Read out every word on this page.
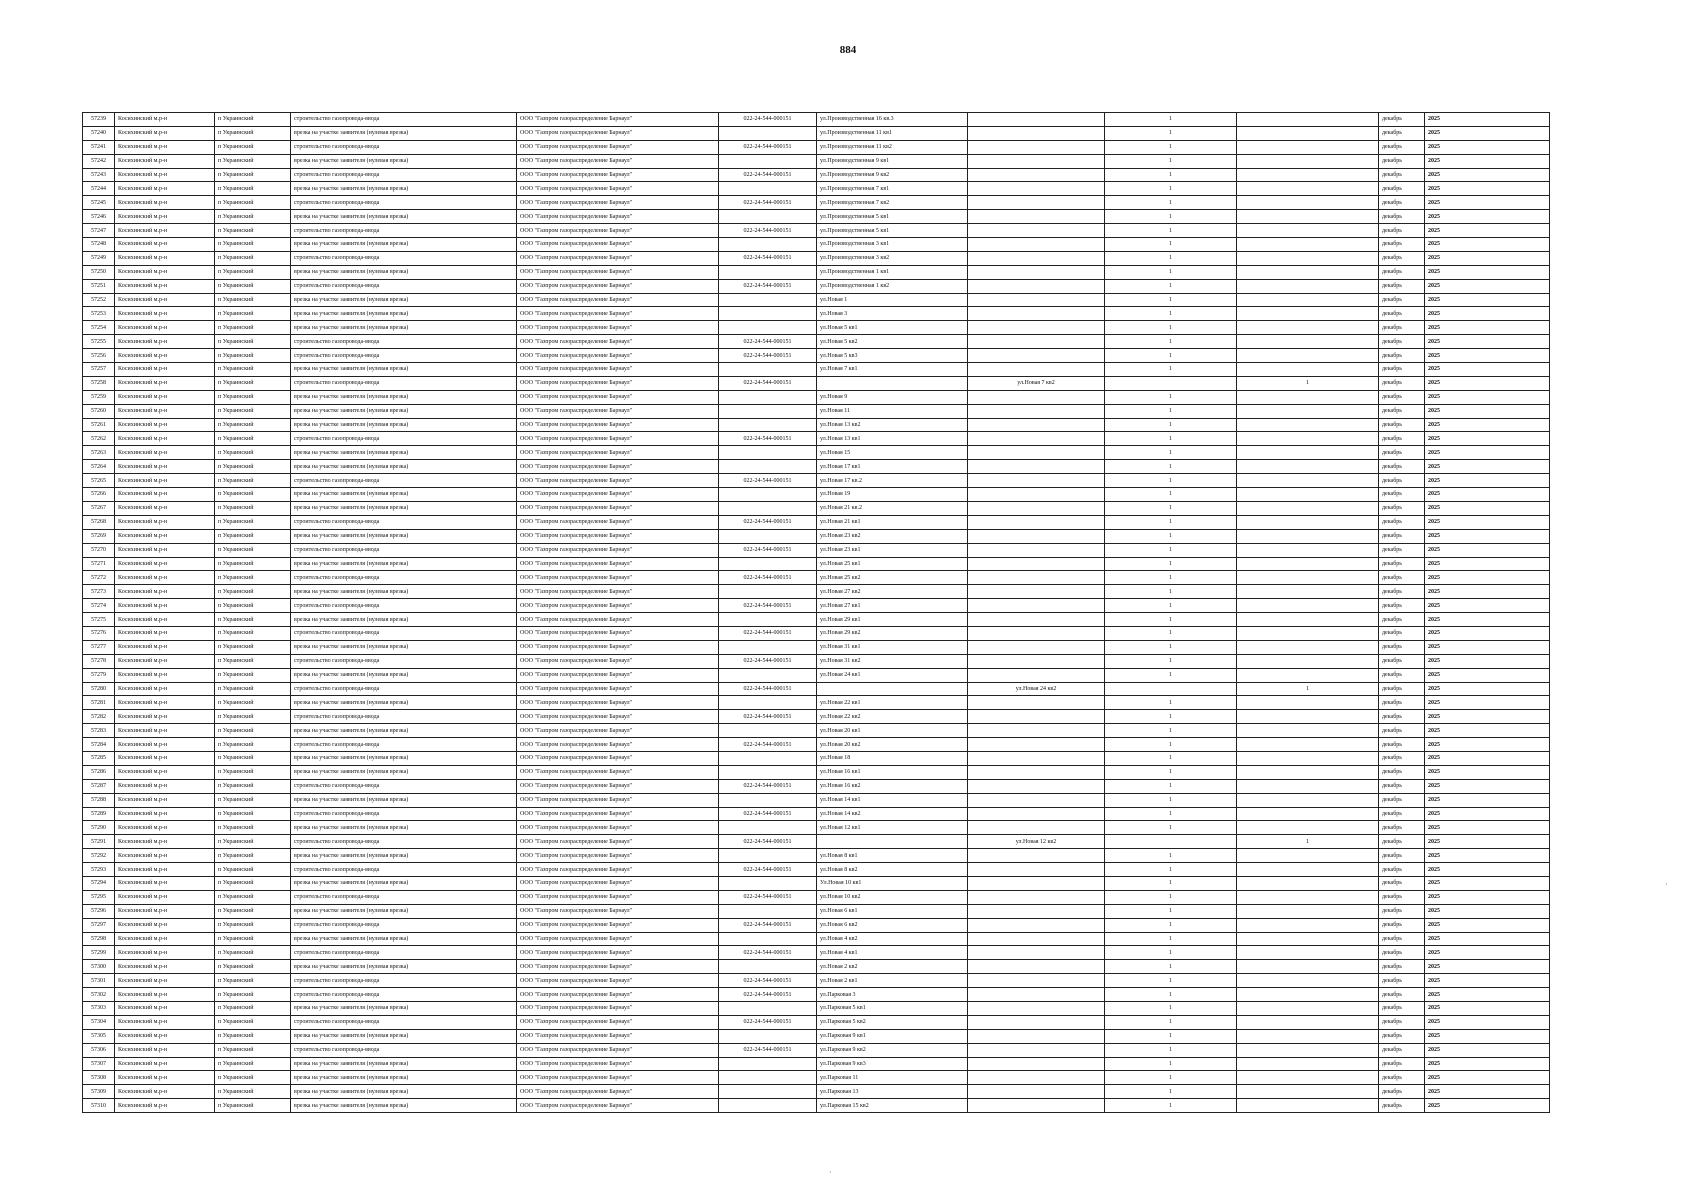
884
57239	Косихинский м.р-н	п Украинский	строительство газопровода-ввода	ООО "Газпром газораспределение Барнаул"	022-24-544-000151	ул.Производственная 16 кв.3		1		декабрь	2025
57240	Косихинский м.р-н	п Украинский	врезка на участке заявителя (нулевая врезка)	ООО "Газпром газораспределение Барнаул"		ул.Производственная 11 кв1		1		декабрь	2025
57241	Косихинский м.р-н	п Украинский	строительство газопровода-ввода	ООО "Газпром газораспределение Барнаул"	022-24-544-000151	ул.Производственная 11 кв2		1		декабрь	2025
57242	Косихинский м.р-н	п Украинский	врезка на участке заявителя (нулевая врезка)	ООО "Газпром газораспределение Барнаул"		ул.Производственная 9 кв1		1		декабрь	2025
57243	Косихинский м.р-н	п Украинский	строительство газопровода-ввода	ООО "Газпром газораспределение Барнаул"	022-24-544-000151	ул.Производственная 9 кв2		1		декабрь	2025
57244	Косихинский м.р-н	п Украинский	врезка на участке заявителя (нулевая врезка)	ООО "Газпром газораспределение Барнаул"		ул.Производственная 7 кв1		1		декабрь	2025
57245	Косихинский м.р-н	п Украинский	строительство газопровода-ввода	ООО "Газпром газораспределение Барнаул"	022-24-544-000151	ул.Производственная 7 кв2		1		декабрь	2025
57246	Косихинский м.р-н	п Украинский	врезка на участке заявителя (нулевая врезка)	ООО "Газпром газораспределение Барнаул"		ул.Производственная 5 кв1		1		декабрь	2025
57247	Косихинский м.р-н	п Украинский	строительство газопровода-ввода	ООО "Газпром газораспределение Барнаул"	022-24-544-000151	ул.Производственная 5 кв1		1		декабрь	2025
57248	Косихинский м.р-н	п Украинский	врезка на участке заявителя (нулевая врезка)	ООО "Газпром газораспределение Барнаул"		ул.Производственная 3 кв1		1		декабрь	2025
57249	Косихинский м.р-н	п Украинский	строительство газопровода-ввода	ООО "Газпром газораспределение Барнаул"	022-24-544-000151	ул.Производственная 3 кв2		1		декабрь	2025
57250	Косихинский м.р-н	п Украинский	врезка на участке заявителя (нулевая врезка)	ООО "Газпром газораспределение Барнаул"		ул.Производственная 1 кв1		1		декабрь	2025
57251	Косихинский м.р-н	п Украинский	строительство газопровода-ввода	ООО "Газпром газораспределение Барнаул"	022-24-544-000151	ул.Производственная 1 кв2		1		декабрь	2025
57252	Косихинский м.р-н	п Украинский	врезка на участке заявителя (нулевая врезка)	ООО "Газпром газораспределение Барнаул"		ул.Новая 1		1		декабрь	2025
57253	Косихинский м.р-н	п Украинский	врезка на участке заявителя (нулевая врезка)	ООО "Газпром газораспределение Барнаул"		ул.Новая 3		1		декабрь	2025
57254	Косихинский м.р-н	п Украинский	врезка на участке заявителя (нулевая врезка)	ООО "Газпром газораспределение Барнаул"		ул.Новая 5 кв1		1		декабрь	2025
57255	Косихинский м.р-н	п Украинский	строительство газопровода-ввода	ООО "Газпром газораспределение Барнаул"	022-24-544-000151	ул.Новая 5 кв2		1		декабрь	2025
57256	Косихинский м.р-н	п Украинский	строительство газопровода-ввода	ООО "Газпром газораспределение Барнаул"	022-24-544-000151	ул.Новая 5 кв3		1		декабрь	2025
57257	Косихинский м.р-н	п Украинский	врезка на участке заявителя (нулевая врезка)	ООО "Газпром газораспределение Барнаул"		ул.Новая 7 кв1		1		декабрь	2025
57258	Косихинский м.р-н	п Украинский	строительство газопровода-ввода	ООО "Газпром газораспределение Барнаул"	022-24-544-000151		ул.Новая 7 кв2		1	декабрь	2025
57259	Косихинский м.р-н	п Украинский	врезка на участке заявителя (нулевая врезка)	ООО "Газпром газораспределение Барнаул"		ул.Новая 9		1		декабрь	2025
57260	Косихинский м.р-н	п Украинский	врезка на участке заявителя (нулевая врезка)	ООО "Газпром газораспределение Барнаул"		ул.Новая 11		1		декабрь	2025
57261	Косихинский м.р-н	п Украинский	врезка на участке заявителя (нулевая врезка)	ООО "Газпром газораспределение Барнаул"		ул.Новая 13 кв2		1		декабрь	2025
57262	Косихинский м.р-н	п Украинский	строительство газопровода-ввода	ООО "Газпром газораспределение Барнаул"	022-24-544-000151	ул.Новая 13 кв1		1		декабрь	2025
57263	Косихинский м.р-н	п Украинский	врезка на участке заявителя (нулевая врезка)	ООО "Газпром газораспределение Барнаул"		ул.Новая 15		1		декабрь	2025
57264	Косихинский м.р-н	п Украинский	врезка на участке заявителя (нулевая врезка)	ООО "Газпром газораспределение Барнаул"		ул.Новая 17 кв1		1		декабрь	2025
57265	Косихинский м.р-н	п Украинский	строительство газопровода-ввода	ООО "Газпром газораспределение Барнаул"	022-24-544-000151	ул.Новая 17 кв.2		1		декабрь	2025
57266	Косихинский м.р-н	п Украинский	врезка на участке заявителя (нулевая врезка)	ООО "Газпром газораспределение Барнаул"		ул.Новая 19		1		декабрь	2025
57267	Косихинский м.р-н	п Украинский	врезка на участке заявителя (нулевая врезка)	ООО "Газпром газораспределение Барнаул"		ул.Новая 21 кв.2		1		декабрь	2025
57268	Косихинский м.р-н	п Украинский	строительство газопровода-ввода	ООО "Газпром газораспределение Барнаул"	022-24-544-000151	ул.Новая 21 кв1		1		декабрь	2025
57269	Косихинский м.р-н	п Украинский	врезка на участке заявителя (нулевая врезка)	ООО "Газпром газораспределение Барнаул"		ул.Новая 23 кв2		1		декабрь	2025
57270	Косихинский м.р-н	п Украинский	строительство газопровода-ввода	ООО "Газпром газораспределение Барнаул"	022-24-544-000151	ул.Новая 23 кв1		1		декабрь	2025
57271	Косихинский м.р-н	п Украинский	врезка на участке заявителя (нулевая врезка)	ООО "Газпром газораспределение Барнаул"		ул.Новая 25 кв1		1		декабрь	2025
57272	Косихинский м.р-н	п Украинский	строительство газопровода-ввода	ООО "Газпром газораспределение Барнаул"	022-24-544-000151	ул.Новая 25 кв2		1		декабрь	2025
57273	Косихинский м.р-н	п Украинский	врезка на участке заявителя (нулевая врезка)	ООО "Газпром газораспределение Барнаул"		ул.Новая 27 кв2		1		декабрь	2025
57274	Косихинский м.р-н	п Украинский	строительство газопровода-ввода	ООО "Газпром газораспределение Барнаул"	022-24-544-000151	ул.Новая 27 кв1		1		декабрь	2025
57275	Косихинский м.р-н	п Украинский	врезка на участке заявителя (нулевая врезка)	ООО "Газпром газораспределение Барнаул"		ул.Новая 29 кв1		1		декабрь	2025
57276	Косихинский м.р-н	п Украинский	строительство газопровода-ввода	ООО "Газпром газораспределение Барнаул"	022-24-544-000151	ул.Новая 29 кв2		1		декабрь	2025
57277	Косихинский м.р-н	п Украинский	врезка на участке заявителя (нулевая врезка)	ООО "Газпром газораспределение Барнаул"		ул.Новая 31 кв1		1		декабрь	2025
57278	Косихинский м.р-н	п Украинский	строительство газопровода-ввода	ООО "Газпром газораспределение Барнаул"	022-24-544-000151	ул.Новая 31 кв2		1		декабрь	2025
57279	Косихинский м.р-н	п Украинский	врезка на участке заявителя (нулевая врезка)	ООО "Газпром газораспределение Барнаул"		ул.Новая 24 кв1		1		декабрь	2025
57280	Косихинский м.р-н	п Украинский	строительство газопровода-ввода	ООО "Газпром газораспределение Барнаул"	022-24-544-000151		ул.Новая 24 кв2		1	декабрь	2025
57281	Косихинский м.р-н	п Украинский	врезка на участке заявителя (нулевая врезка)	ООО "Газпром газораспределение Барнаул"		ул.Новая 22 кв1		1		декабрь	2025
57282	Косихинский м.р-н	п Украинский	строительство газопровода-ввода	ООО "Газпром газораспределение Барнаул"	022-24-544-000151	ул.Новая 22 кв2		1		декабрь	2025
57283	Косихинский м.р-н	п Украинский	врезка на участке заявителя (нулевая врезка)	ООО "Газпром газораспределение Барнаул"		ул.Новая 20 кв1		1		декабрь	2025
57284	Косихинский м.р-н	п Украинский	строительство газопровода-ввода	ООО "Газпром газораспределение Барнаул"	022-24-544-000151	ул.Новая 20 кв2		1		декабрь	2025
57285	Косихинский м.р-н	п Украинский	врезка на участке заявителя (нулевая врезка)	ООО "Газпром газораспределение Барнаул"		ул.Новая 18		1		декабрь	2025
57286	Косихинский м.р-н	п Украинский	врезка на участке заявителя (нулевая врезка)	ООО "Газпром газораспределение Барнаул"		ул.Новая 16 кв1		1		декабрь	2025
57287	Косихинский м.р-н	п Украинский	строительство газопровода-ввода	ООО "Газпром газораспределение Барнаул"	022-24-544-000151	ул.Новая 16 кв2		1		декабрь	2025
57288	Косихинский м.р-н	п Украинский	врезка на участке заявителя (нулевая врезка)	ООО "Газпром газораспределение Барнаул"		ул.Новая 14 кв1		1		декабрь	2025
57289	Косихинский м.р-н	п Украинский	строительство газопровода-ввода	ООО "Газпром газораспределение Барнаул"	022-24-544-000151	ул.Новая 14 кв2		1		декабрь	2025
57290	Косихинский м.р-н	п Украинский	врезка на участке заявителя (нулевая врезка)	ООО "Газпром газораспределение Барнаул"		ул.Новая 12 кв1		1		декабрь	2025
57291	Косихинский м.р-н	п Украинский	строительство газопровода-ввода	ООО "Газпром газораспределение Барнаул"	022-24-544-000151		ул.Новая 12 кв2		1	декабрь	2025
57292	Косихинский м.р-н	п Украинский	врезка на участке заявителя (нулевая врезка)	ООО "Газпром газораспределение Барнаул"		ул.Новая 8 кв1		1		декабрь	2025
57293	Косихинский м.р-н	п Украинский	строительство газопровода-ввода	ООО "Газпром газораспределение Барнаул"	022-24-544-000151	ул.Новая 8 кв2		1		декабрь	2025
57294	Косихинский м.р-н	п Украинский	врезка на участке заявителя (нулевая врезка)	ООО "Газпром газораспределение Барнаул"		Ул.Новая 10 кв1		1		декабрь	2025
57295	Косихинский м.р-н	п Украинский	строительство газопровода-ввода	ООО "Газпром газораспределение Барнаул"	022-24-544-000151	ул.Новая 10 кв2		1		декабрь	2025
57296	Косихинский м.р-н	п Украинский	врезка на участке заявителя (нулевая врезка)	ООО "Газпром газораспределение Барнаул"		ул.Новая 6 кв1		1		декабрь	2025
57297	Косихинский м.р-н	п Украинский	строительство газопровода-ввода	ООО "Газпром газораспределение Барнаул"	022-24-544-000151	ул.Новая 6 кв2		1		декабрь	2025
57298	Косихинский м.р-н	п Украинский	врезка на участке заявителя (нулевая врезка)	ООО "Газпром газораспределение Барнаул"		ул.Новая 4 кв2		1		декабрь	2025
57299	Косихинский м.р-н	п Украинский	строительство газопровода-ввода	ООО "Газпром газораспределение Барнаул"	022-24-544-000151	ул.Новая 4 кв1		1		декабрь	2025
57300	Косихинский м.р-н	п Украинский	врезка на участке заявителя (нулевая врезка)	ООО "Газпром газораспределение Барнаул"		ул.Новая 2 кв2		1		декабрь	2025
57301	Косихинский м.р-н	п Украинский	строительство газопровода-ввода	ООО "Газпром газораспределение Барнаул"	022-24-544-000151	ул.Новая 2 кв1		1		декабрь	2025
57302	Косихинский м.р-н	п Украинский	строительство газопровода-ввода	ООО "Газпром газораспределение Барнаул"	022-24-544-000151	ул.Парковая 3		1		декабрь	2025
57303	Косихинский м.р-н	п Украинский	врезка на участке заявителя (нулевая врезка)	ООО "Газпром газораспределение Барнаул"		ул.Парковая 5 кв1		1		декабрь	2025
57304	Косихинский м.р-н	п Украинский	строительство газопровода-ввода	ООО "Газпром газораспределение Барнаул"	022-24-544-000151	ул.Парковая 5 кв2		1		декабрь	2025
57305	Косихинский м.р-н	п Украинский	врезка на участке заявителя (нулевая врезка)	ООО "Газпром газораспределение Барнаул"		ул.Парковая 9 кв1		1		декабрь	2025
57306	Косихинский м.р-н	п Украинский	строительство газопровода-ввода	ООО "Газпром газораспределение Барнаул"	022-24-544-000151	ул.Парковая 9 кв2		1		декабрь	2025
57307	Косихинский м.р-н	п Украинский	врезка на участке заявителя (нулевая врезка)	ООО "Газпром газораспределение Барнаул"		ул.Парковая 9 кв3		1		декабрь	2025
57308	Косихинский м.р-н	п Украинский	врезка на участке заявителя (нулевая врезка)	ООО "Газпром газораспределение Барнаул"		ул.Парковая 11		1		декабрь	2025
57309	Косихинский м.р-н	п Украинский	врезка на участке заявителя (нулевая врезка)	ООО "Газпром газораспределение Барнаул"		ул.Парковая 13		1		декабрь	2025
57310	Косихинский м.р-н	п Украинский	врезка на участке заявителя (нулевая врезка)	ООО "Газпром газораспределение Барнаул"		ул.Парковая 15 кв2		1		декабрь	2025
·
·
